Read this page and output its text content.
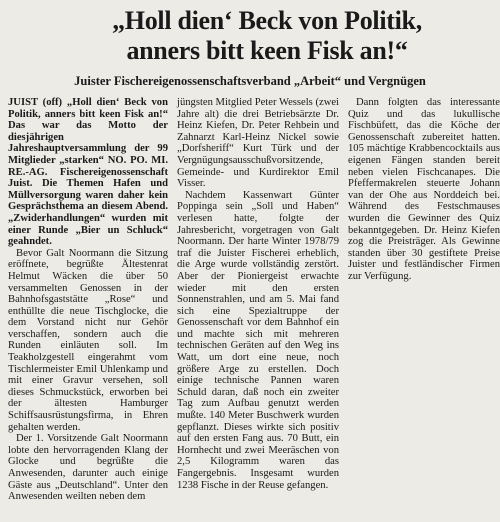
„Holl dien‘ Beck von Politik,
anners bitt keen Fisk an!“
Juister Fischereigenossenschaftsverband „Arbeit“ und Vergnügen

JUIST (off) „Holl dien‘ Beck von Politik, anners bitt keen Fisk an!“ Das war das Motto der diesjährigen Jahreshauptversammlung der 99 Mitglieder „starken“ NO. PO. MI. RE.-AG. Fischereigenossenschaft Juist. Die Themen Hafen und Müllversorgung waren daher kein Gesprächsthema an diesem Abend. „Zwiderhandlungen“ wurden mit einer Runde „Bier un Schluck“ geahndet.

Bevor Galt Noormann die Sitzung eröffnete, begrüßte Ältestenrat Helmut Wäcken die über 50 versammelten Genossen in der Bahnhofsgaststätte „Rose“ und enthüllte die neue Tischglocke, die dem Vorstand nicht nur Gehör verschaffen, sondern auch die Runden einläuten soll. Im Teakholzgestell eingerahmt vom Tischlermeister Emil Uhlenkamp und mit einer Gravur versehen, soll dieses Schmuckstück, erworben bei der ältesten Hamburger Schiffsausrüstungsfirma, in Ehren gehalten werden.

Der 1. Vorsitzende Galt Noormann lobte den hervorragenden Klang der Glocke und begrüßte die Anwesenden, darunter auch einige Gäste aus „Deutschland“. Unter den Anwesenden weilten neben dem

jüngsten Mitglied Peter Wessels (zwei Jahre alt) die drei Betriebsärzte Dr. Heinz Kiefen, Dr. Peter Rehbein und Zahnarzt Karl-Heinz Nickel sowie „Dorfsheriff“ Kurt Türk und der Vergnügungsausschußvorsitzende, Gemeinde- und Kurdirektor Emil Visser.

Nachdem Kassenwart Günter Poppinga sein „Soll und Haben“ verlesen hatte, folgte der Jahresbericht, vorgetragen von Galt Noormann. Der harte Winter 1978/79 traf die Juister Fischerei erheblich, die Arge wurde vollständig zerstört. Aber der Pioniergeist erwachte wieder mit den ersten Sonnenstrahlen, und am 5. Mai fand sich eine Spezialtruppe der Genossenschaft vor dem Bahnhof ein und machte sich mit mehreren technischen Geräten auf den Weg ins Watt, um dort eine neue, noch größere Arge zu erstellen. Doch einige technische Pannen waren Schuld daran, daß noch ein zweiter Tag zum Aufbau genutzt werden mußte. 140 Meter Buschwerk wurden gepflanzt. Dieses wirkte sich positiv auf den ersten Fang aus. 70 Butt, ein Hornhecht und zwei Meeräschen von 2,5 Kilogramm waren das Fangergebnis. Insgesamt wurden 1238 Fische in der Reuse gefangen.

Dann folgten das interessante Quiz und das lukullische Fischbüfett, das die Köche der Genossenschaft zubereitet hatten. 105 mächtige Krabbencocktails aus eigenen Fängen standen bereit neben vielen Fischcanapes. Die Pfeffermakrelen steuerte Johann van der Ohe aus Norddeich bei. Während des Festschmauses wurden die Gewinner des Quiz bekanntgegeben. Dr. Heinz Kiefen zog die Preisträger. Als Gewinne standen über 30 gestiftete Preise Juister und festländischer Firmen zur Verfügung.
